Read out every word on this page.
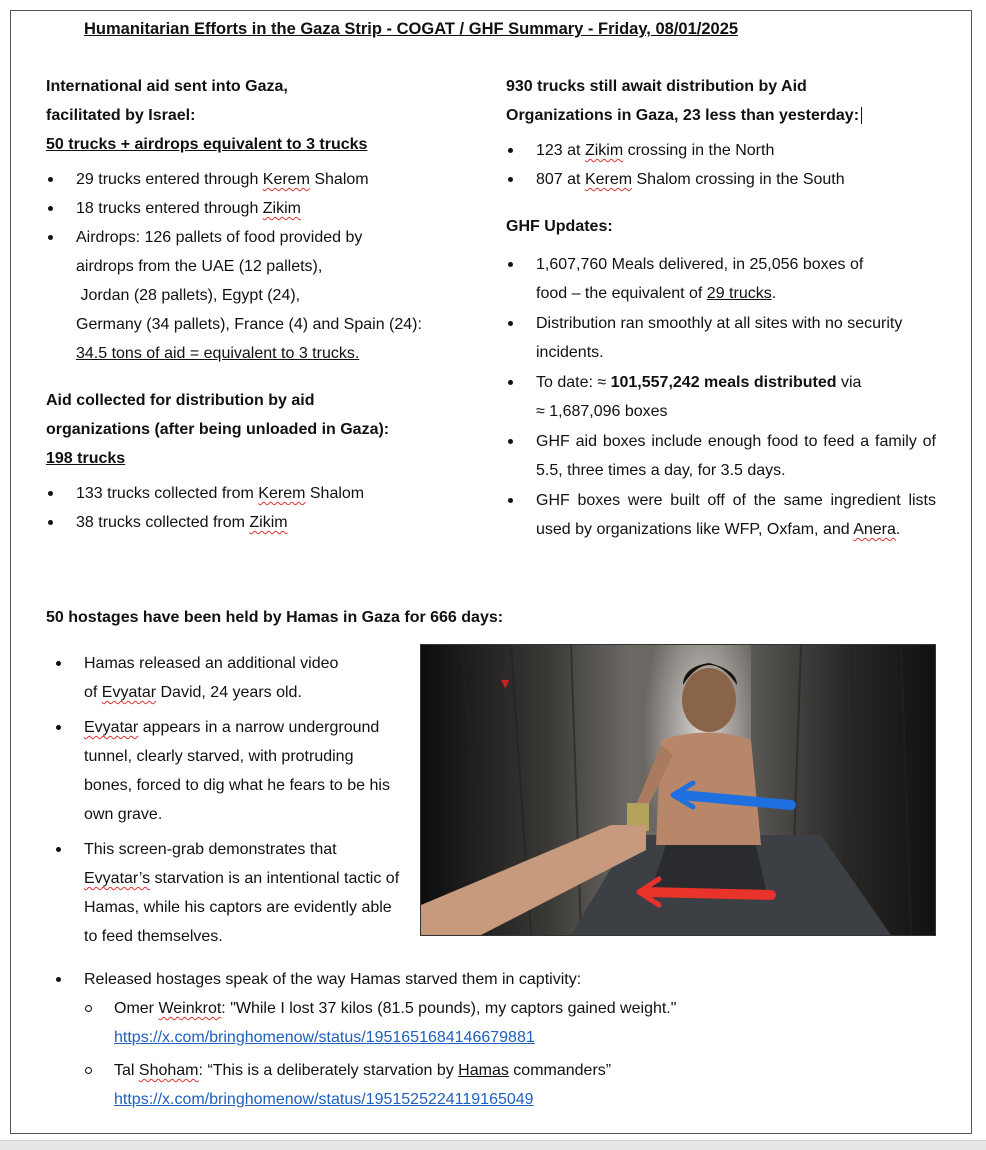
Humanitarian Efforts in the Gaza Strip - COGAT / GHF Summary - Friday, 08/01/2025

International aid sent into Gaza,
facilitated by Israel:
50 trucks + airdrops equivalent to 3 trucks

29 trucks entered through Kerem Shalom
18 trucks entered through Zikim
Airdrops: 126 pallets of food provided by
airdrops from the UAE (12 pallets),
Jordan (28 pallets), Egypt (24),
Germany (34 pallets), France (4) and Spain (24):
34.5 tons of aid = equivalent to 3 trucks.

Aid collected for distribution by aid
organizations (after being unloaded in Gaza):
198 trucks

133 trucks collected from Kerem Shalom
38 trucks collected from Zikim

930 trucks still await distribution by Aid
Organizations in Gaza, 23 less than yesterday:

123 at Zikim crossing in the North
807 at Kerem Shalom crossing in the South

GHF Updates:

1,607,760 Meals delivered, in 25,056 boxes of
food – the equivalent of 29 trucks.
Distribution ran smoothly at all sites with no security incidents.
To date: ≈ 101,557,242 meals distributed via
≈ 1,687,096 boxes
GHF aid boxes include enough food to feed a family of 5.5, three times a day, for 3.5 days.
GHF boxes were built off of the same ingredient lists used by organizations like WFP, Oxfam, and Anera.

50 hostages have been held by Hamas in Gaza for 666 days:

Hamas released an additional video
of Evyatar David, 24 years old.
Evyatar appears in a narrow underground tunnel, clearly starved, with protruding bones, forced to dig what he fears to be his own grave.
This screen-grab demonstrates that
Evyatar’s starvation is an intentional tactic of Hamas, while his captors are evidently able to feed themselves.
▼
Released hostages speak of the way Hamas starved them in captivity:
Omer Weinkrot: "While I lost 37 kilos (81.5 pounds), my captors gained weight."
https://x.com/bringhomenow/status/1951651684146679881
Tal Shoham: “This is a deliberately starvation by Hamas commanders”
https://x.com/bringhomenow/status/1951525224119165049
